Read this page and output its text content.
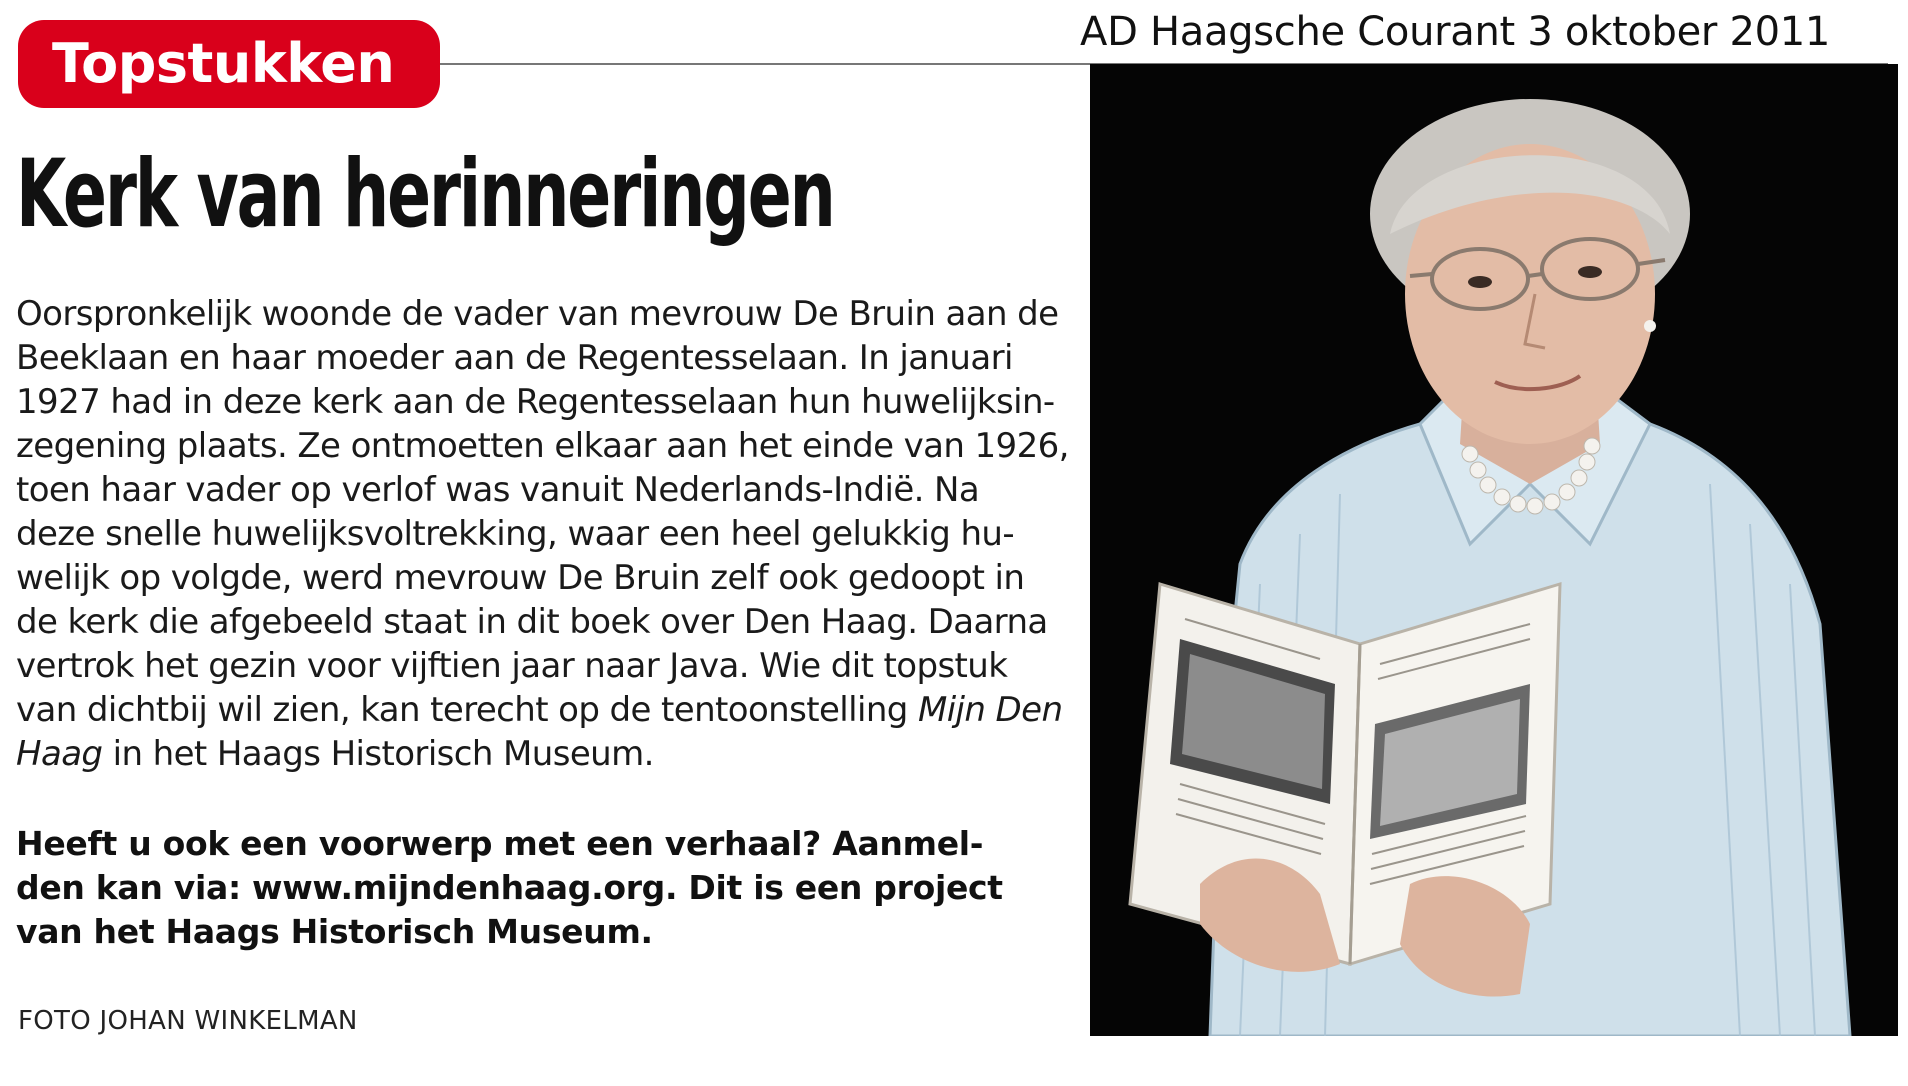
Topstukken	AD Haagsche Courant 3 oktober 2011
Kerk van herinneringen
Oorspronkelijk woonde de vader van mevrouw De Bruin aan de
Beeklaan en haar moeder aan de Regentesselaan. In januari
1927 had in deze kerk aan de Regentesselaan hun huwelijksin-
zegening plaats. Ze ontmoetten elkaar aan het einde van 1926,
toen haar vader op verlof was vanuit Nederlands-Indië. Na
deze snelle huwelijksvoltrekking, waar een heel gelukkig hu-
welijk op volgde, werd mevrouw De Bruin zelf ook gedoopt in
de kerk die afgebeeld staat in dit boek over Den Haag. Daarna
vertrok het gezin voor vijftien jaar naar Java. Wie dit topstuk
van dichtbij wil zien, kan terecht op de tentoonstelling Mijn Den
Haag in het Haags Historisch Museum.
Heeft u ook een voorwerp met een verhaal? Aanmel-
den kan via: www.mijndenhaag.org. Dit is een project
van het Haags Historisch Museum.
FOTO JOHAN WINKELMAN
